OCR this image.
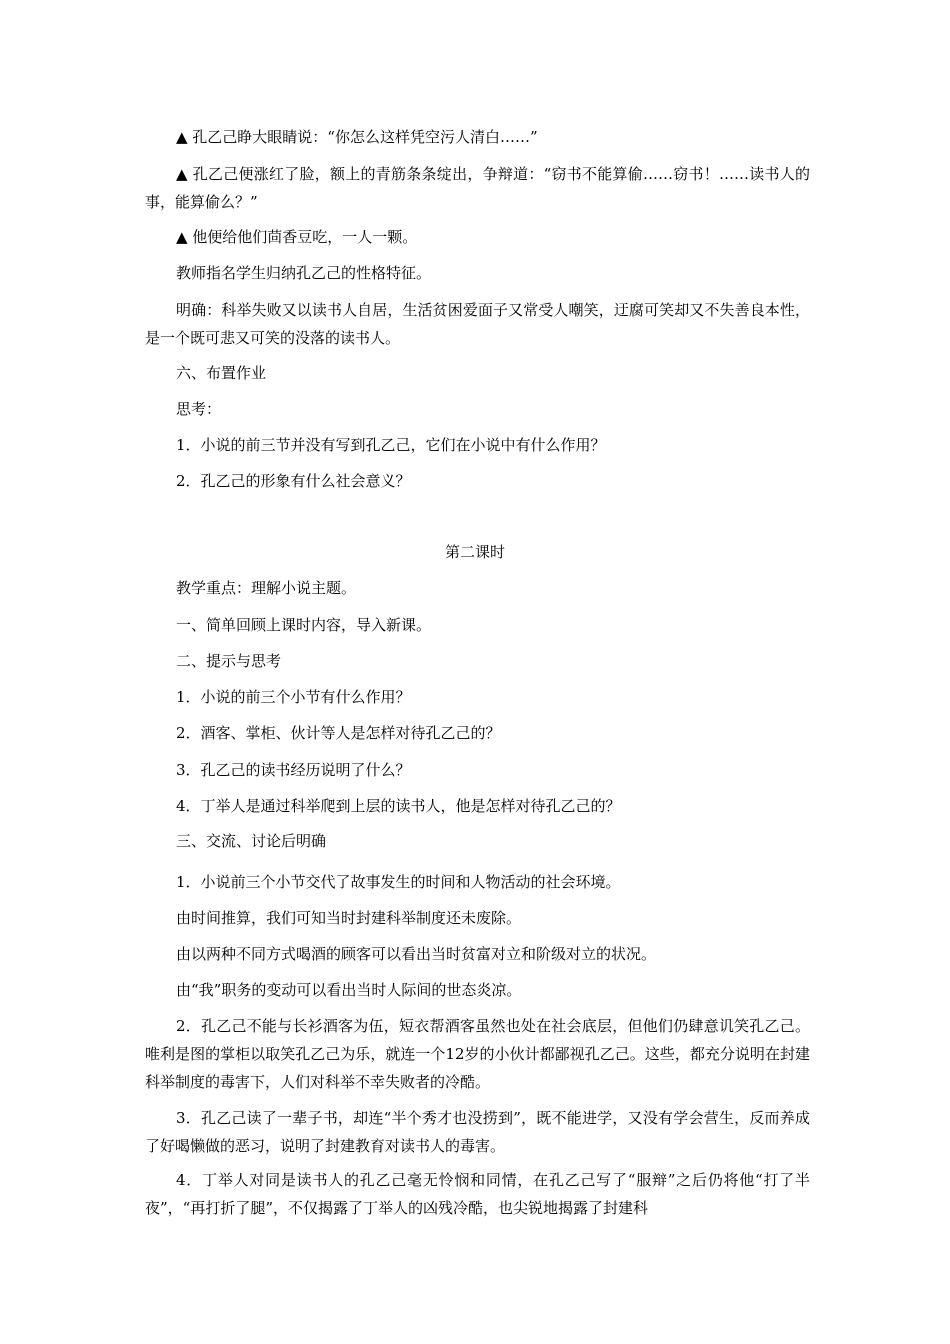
▲ 孔乙己睁大眼睛说：“你怎么这样凭空污人清白……”
▲ 孔乙己便涨红了脸，额上的青筋条条绽出，争辩道：“窃书不能算偷……窃书！……读书人的事，能算偷么？”
▲ 他便给他们茴香豆吃，一人一颗。
教师指名学生归纳孔乙己的性格特征。
明确：科举失败又以读书人自居，生活贫困爱面子又常受人嘲笑，迂腐可笑却又不失善良本性，是一个既可悲又可笑的没落的读书人。
六、布置作业
思考：
1．小说的前三节并没有写到孔乙己，它们在小说中有什么作用？
2．孔乙己的形象有什么社会意义？
第二课时
教学重点：理解小说主题。
一、简单回顾上课时内容，导入新课。
二、提示与思考
1．小说的前三个小节有什么作用？
2．酒客、掌柜、伙计等人是怎样对待孔乙己的？
3．孔乙己的读书经历说明了什么？
4．丁举人是通过科举爬到上层的读书人，他是怎样对待孔乙己的？
三、交流、讨论后明确
1．小说前三个小节交代了故事发生的时间和人物活动的社会环境。
由时间推算，我们可知当时封建科举制度还未废除。
由以两种不同方式喝酒的顾客可以看出当时贫富对立和阶级对立的状况。
由“我”职务的变动可以看出当时人际间的世态炎凉。
2．孔乙己不能与长衫酒客为伍，短衣帮酒客虽然也处在社会底层，但他们仍肆意讥笑孔乙己。唯利是图的掌柜以取笑孔乙己为乐，就连一个12岁的小伙计都鄙视孔乙己。这些，都充分说明在封建科举制度的毒害下，人们对科举不幸失败者的冷酷。
3．孔乙己读了一辈子书，却连“半个秀才也没捞到”，既不能进学，又没有学会营生，反而养成了好喝懒做的恶习，说明了封建教育对读书人的毒害。
4．丁举人对同是读书人的孔乙己毫无怜悯和同情，在孔乙己写了“服辩”之后仍将他“打了半夜”，“再打折了腿”，不仅揭露了丁举人的凶残冷酷，也尖锐地揭露了封建科
